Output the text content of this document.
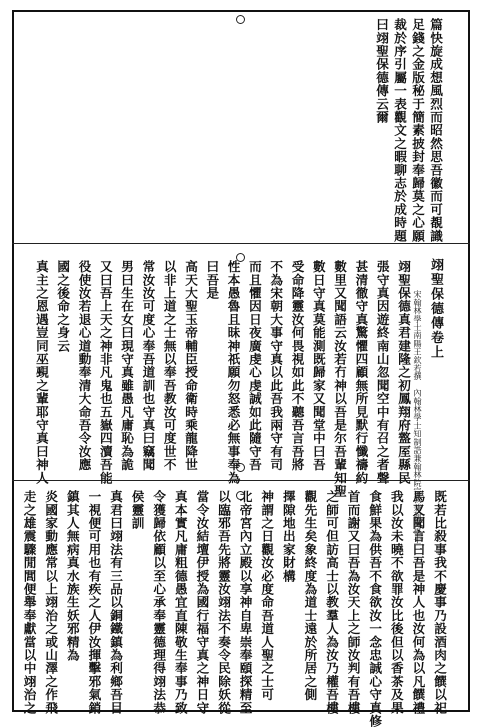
篇快旋成想風烈而昭然思吾徽而可覩識
足錢之金版秘于簡素披封奉歸莫之心願
裁於序引屬一表觀文之暇聊志於成時題
曰翊聖保德傳云爾
翊聖保德傳卷上
宋翰林學士南陽王欽若撰　內翰林學士知制誥兼翰林院宗教兼翰林學士
翊聖保德真君建隆之初鳳翔府盩厔縣民
張守真因遊終南山忽聞空中有召之者聲
甚清徹守真驚懼四顧無所見默行懺禱約
數里又聞語云汝若冇神以吾是尔吾輩知聖
數日守真莫能測既歸家又聞堂中曰吾
受命降靈汝何畏視如此不聽吾言吾將
不為宋朝大事守真以此吾我兩守有司
而且懼因日夜廣虔心虔誠如此隨守吾
性本愚魯且昧神祇願勿怒悉必無事奉為
曰吾是
高天大聖玉帝輔臣授命衛時乘龍降世
以非上道之士無以奉吾教汝可度世不
常汝汝可度心奉吾道訓也守真曰竊聞
男曰生在女曰現守真雖愚凡庸恥為詭
又曰吾上天之神非凡鬼也五嶽四瀆吾能
役使汝若退心道動奉清大命吾令汝應
國之後命之身云
真主之恩遇豈同巫覡之輩耶守真曰神人
既若比殺事我不慶事乃設酒肉之饌以祀
馬又聞言曰吾是神人也汝何為以凡饌禮
我以汝未曉不欲罪汝比後但以香茶及果
食鮮果為供吾不食欲汝一念忠誠心守真修
首而謝又曰吾為汝天上之師汝判有吾樓
之師可但訪高士以教羣人為汝乃權吾樓
觀先生矣象終度為道士遠於所居之側
擇隙地出家財構
神謂之日觀汝必度命吾道人聖之士可
北帝宮內立殿以享神自卑崇奉頤探精至
以臨邪吾先將靈汝翊法不奏令民除妖從
當令汝結壇伊授為國行福守真之神日守
真本實凡庸粗德愚宜直陳敬生奉事乃致
令獲歸依顧以至心承奉靈德理得翊法恭
侯靈訓
真君曰翊法有三品以銅鐵鎮為利鄉吾目
一視便可用也有疾之人伊汝揮擊邪氣銷
鎮其人無病真水族生妖邪精為
炎國家動應常以上翊治之或山澤之作飛
走之雄震驟閒閭便舉奉獻當以中翊治之
